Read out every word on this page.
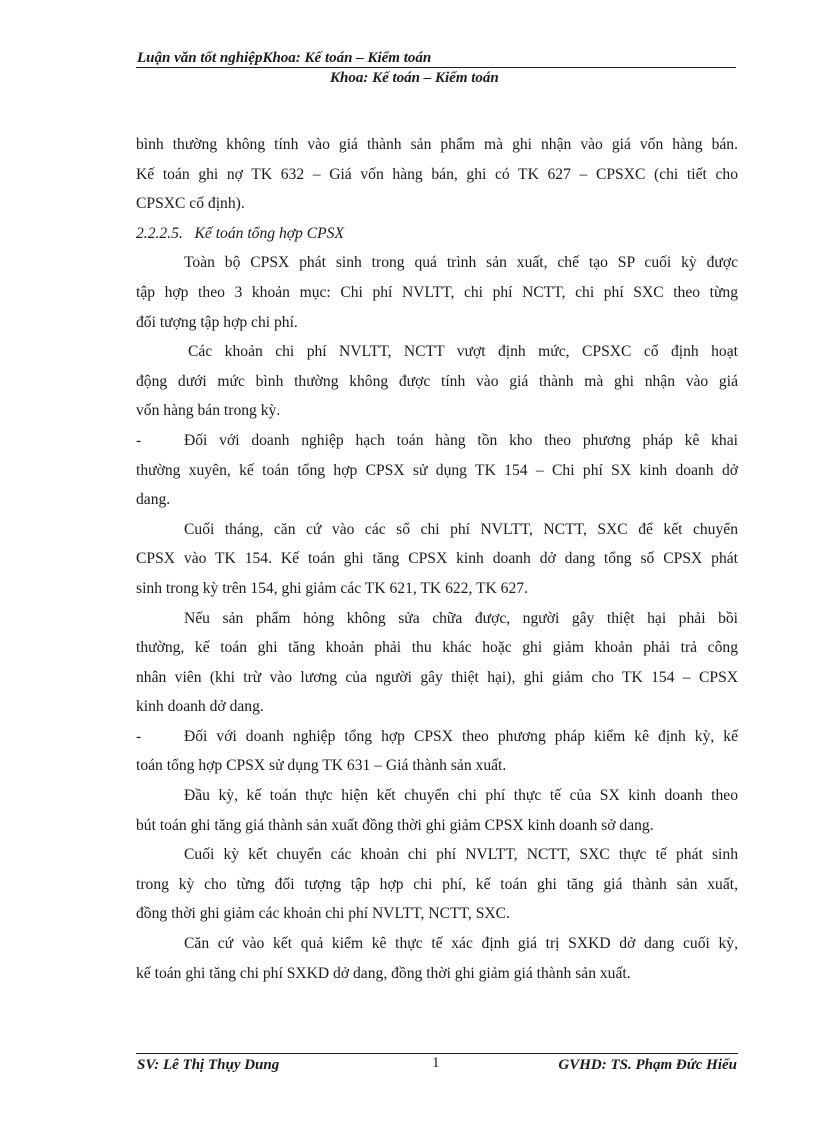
Luận văn tốt nghiệpKhoa: Kế toán – Kiểm toán
Khoa: Kế toán – Kiểm toán
bình thường không tính vào giá thành sản phẩm mà ghi nhận vào giá vốn hàng bán.
Kế toán ghi nợ TK 632 – Giá vốn hàng bán, ghi có TK 627 – CPSXC (chi tiết cho
CPSXC cố định).
2.2.2.5.   Kế toán tổng hợp CPSX
Toàn bộ CPSX phát sinh trong quá trình sản xuất, chế tạo SP cuối kỳ được
tập hợp theo 3 khoản mục: Chi phí NVLTT, chi phí NCTT, chi phí SXC theo từng
đối tượng tập hợp chi phí.
Các khoản chi phí NVLTT, NCTT vượt định mức, CPSXC cố định hoạt
động dưới mức bình thường không được tính vào giá thành mà ghi nhận vào giá
vốn hàng bán trong kỳ.
-	Đối với doanh nghiệp hạch toán hàng tồn kho theo phương pháp kê khai
thường xuyên, kế toán tổng hợp CPSX sử dụng TK 154 – Chi phí SX kinh doanh dở
dang.
Cuối tháng, căn cứ vào các sổ chi phí NVLTT, NCTT, SXC để kết chuyển
CPSX vào TK 154. Kế toán ghi tăng CPSX kinh doanh dở dang tổng số CPSX phát
sinh trong kỳ trên 154, ghi giảm các TK 621, TK 622, TK 627.
Nếu sản phẩm hỏng không sửa chữa được, người gây thiệt hại phải bồi
thường, kế toán ghi tăng khoản phải thu khác hoặc ghi giảm khoản phải trả công
nhân viên (khi trừ vào lương của người gây thiệt hại), ghi giảm cho TK 154 – CPSX
kinh doanh dở dang.
-	Đối với doanh nghiệp tổng hợp CPSX theo phương pháp kiểm kê định kỳ, kế
toán tổng hợp CPSX sử dụng TK 631 – Giá thành sản xuất.
Đầu kỳ, kế toán thực hiện kết chuyển chi phí thực tế của SX kinh doanh theo
bút toán ghi tăng giá thành sản xuất đồng thời ghi giảm CPSX kinh doanh sở dang.
Cuối kỳ kết chuyển các khoản chi phí NVLTT, NCTT, SXC thực tế phát sinh
trong kỳ cho từng đối tượng tập hợp chi phí, kế toán ghi tăng giá thành sản xuất,
đồng thời ghi giảm các khoản chi phí NVLTT, NCTT, SXC.
Căn cứ vào kết quả kiểm kê thực tế xác định giá trị SXKD dở dang cuối kỳ,
kế toán ghi tăng chi phí SXKD dở dang, đồng thời ghi giảm giá thành sản xuất.
SV: Lê Thị Thụy Dung	1	GVHD: TS. Phạm Đức Hiếu
